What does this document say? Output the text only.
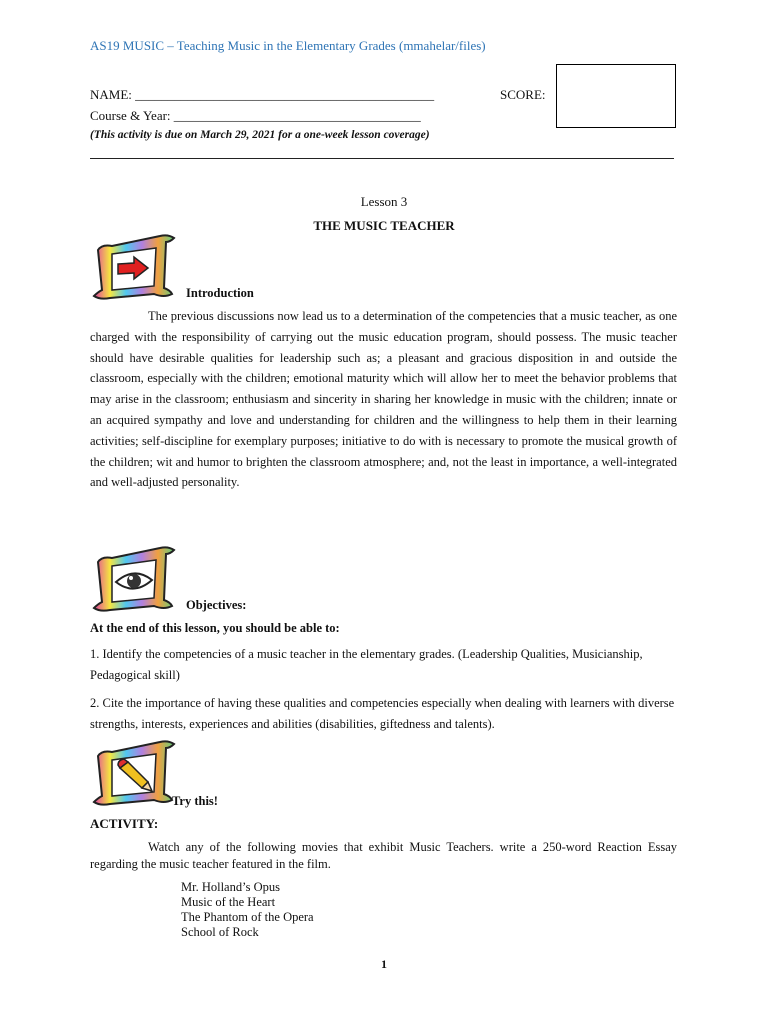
AS19 MUSIC – Teaching Music in the Elementary Grades (mmahelar/files)
NAME: ______________________________________________	SCORE:
Course & Year: ______________________________________
(This activity is due on March 29, 2021 for a one-week lesson coverage)
Lesson 3
THE MUSIC TEACHER
Introduction
The previous discussions now lead us to a determination of the competencies that a music teacher, as one charged with the responsibility of carrying out the music education program, should possess. The music teacher should have desirable qualities for leadership such as; a pleasant and gracious disposition in and outside the classroom, especially with the children; emotional maturity which will allow her to meet the behavior problems that may arise in the classroom; enthusiasm and sincerity in sharing her knowledge in music with the children; innate or an acquired sympathy and love and understanding for children and the willingness to help them in their learning activities; self-discipline for exemplary purposes; initiative to do with is necessary to promote the musical growth of the children; wit and humor to brighten the classroom atmosphere; and, not the least in importance, a well-integrated and well-adjusted personality.
Objectives:
At the end of this lesson, you should be able to:
1. Identify the competencies of a music teacher in the elementary grades. (Leadership Qualities, Musicianship, Pedagogical skill)
2. Cite the importance of having these qualities and competencies especially when dealing with learners with diverse strengths, interests, experiences and abilities (disabilities, giftedness and talents).
Try this!
ACTIVITY:
Watch any of the following movies that exhibit Music Teachers. write a 250-word Reaction Essay regarding the music teacher featured in the film.
Mr. Holland’s Opus
Music of the Heart
The Phantom of the Opera
School of Rock
1
